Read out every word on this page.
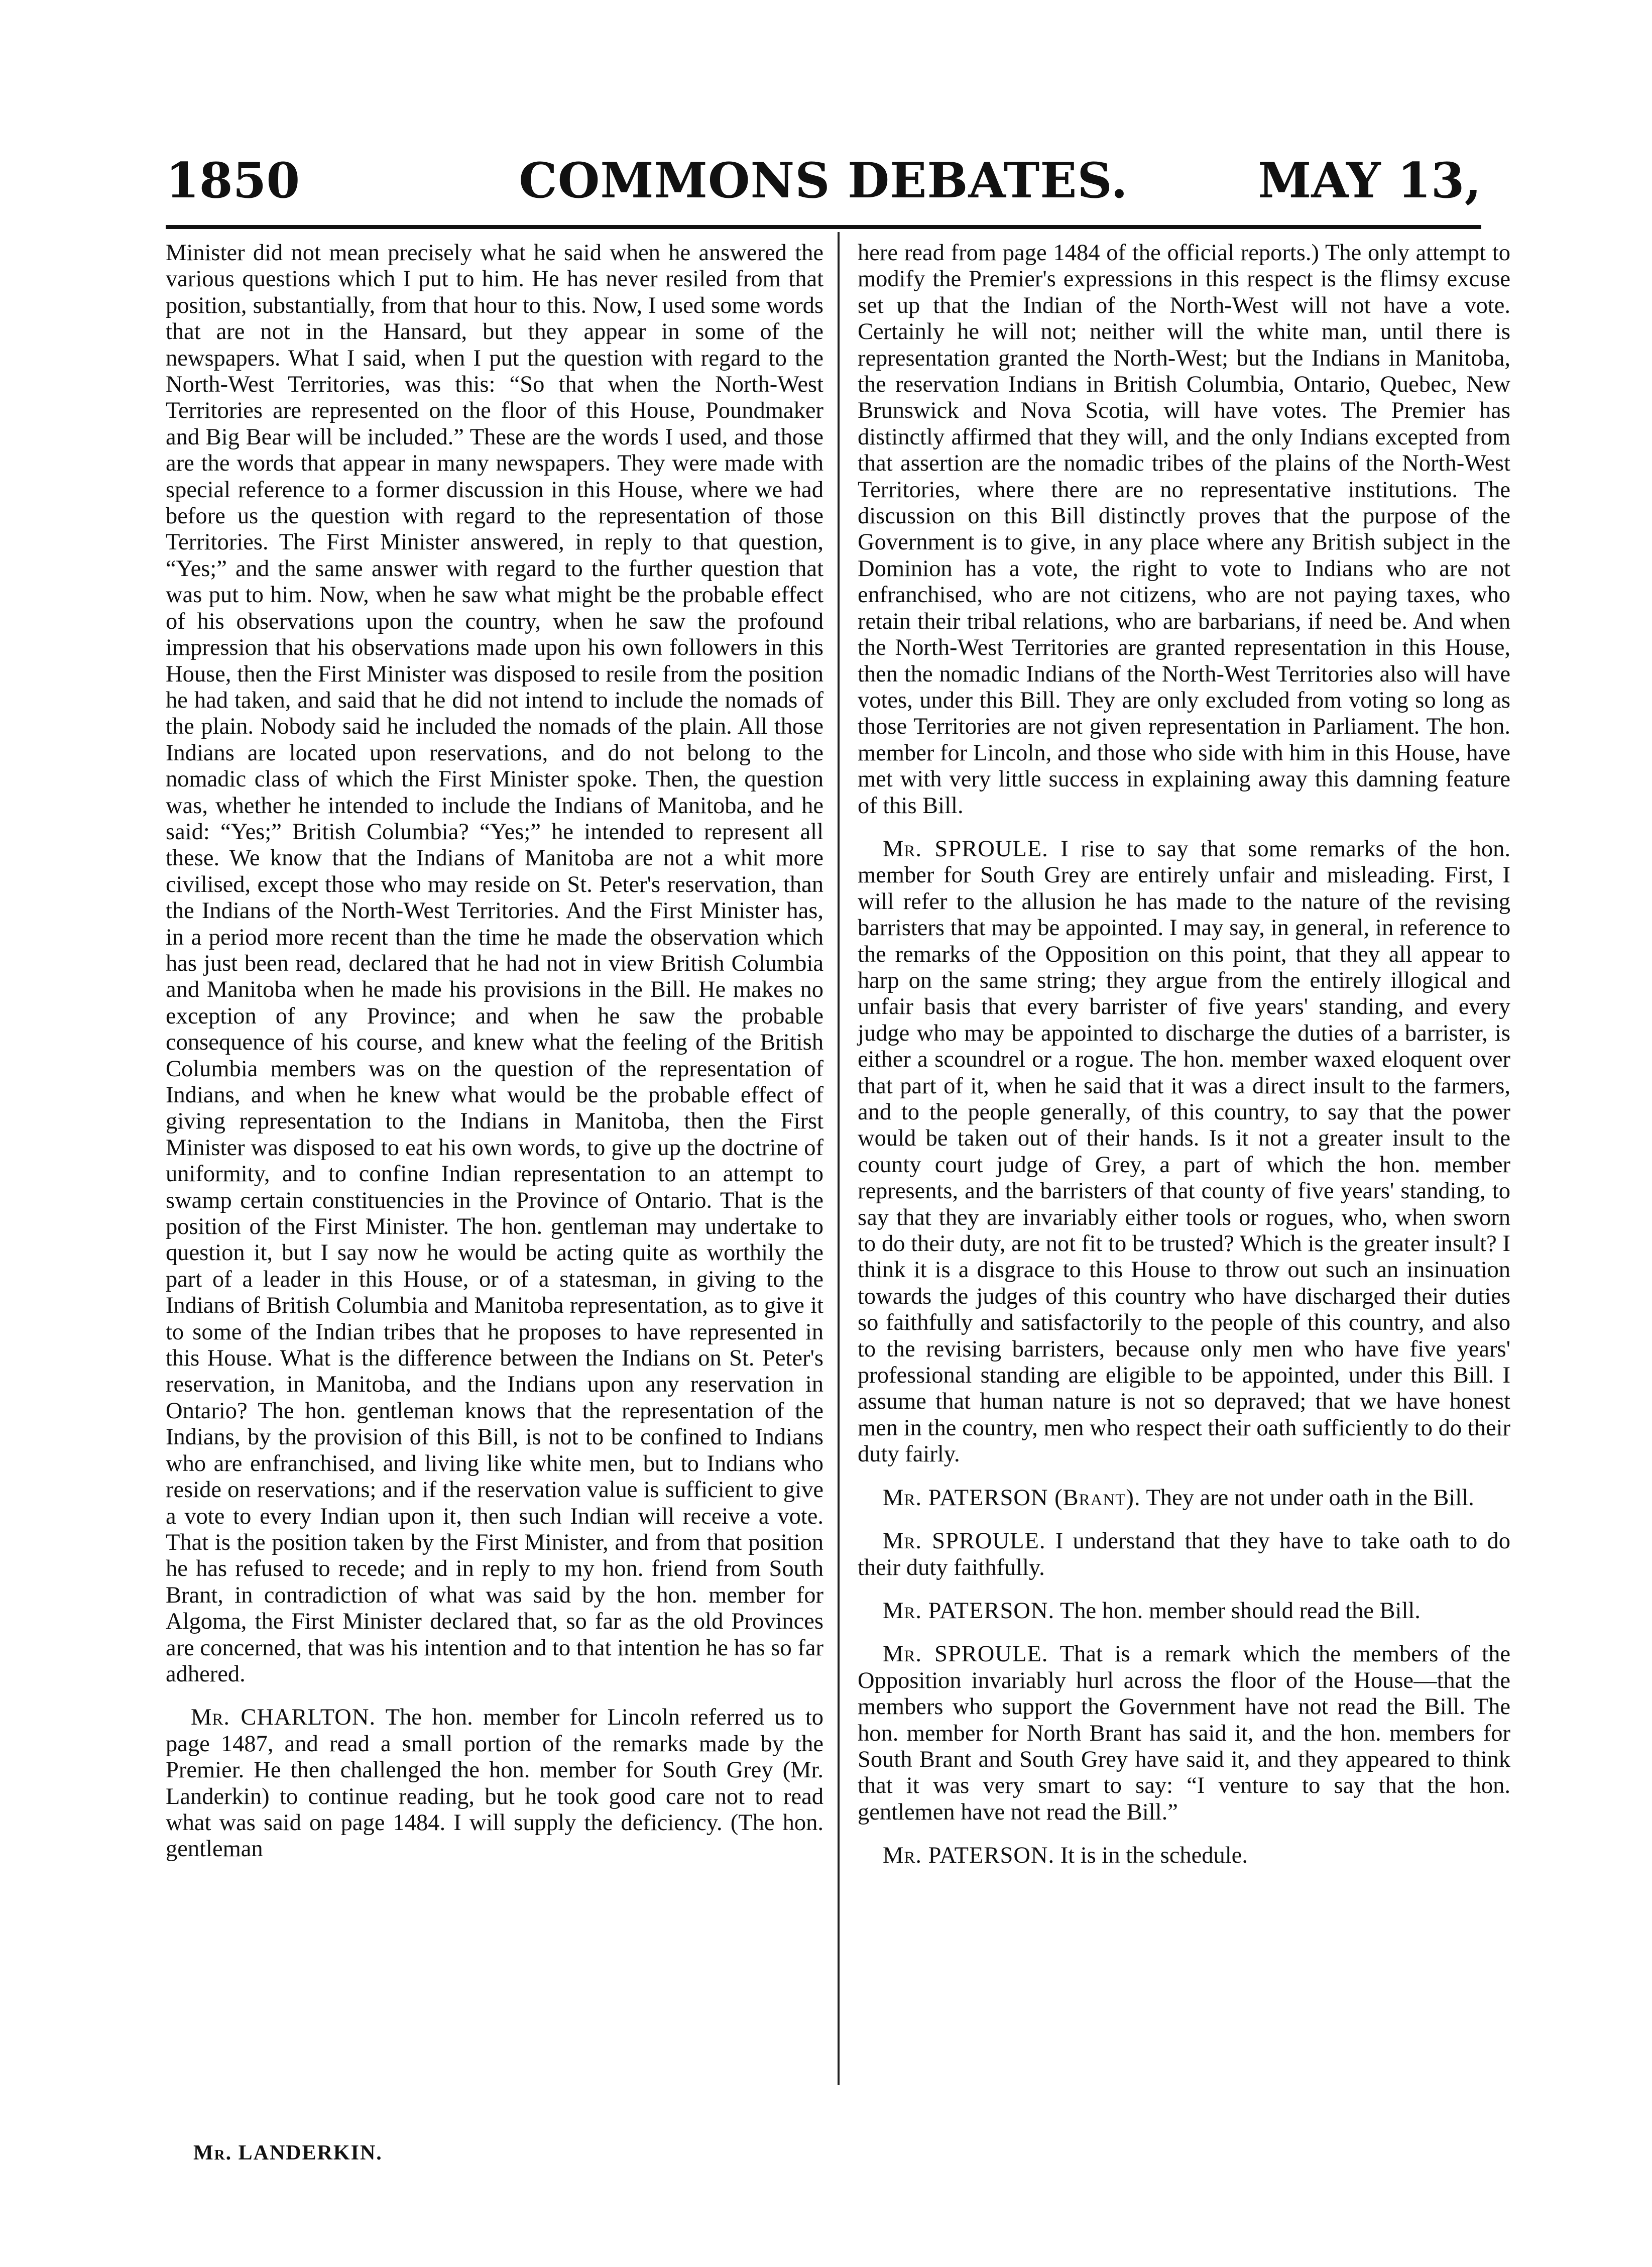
1850	COMMONS DEBATES.	MAY 13,

Minister did not mean precisely what he said when he answered the various questions which I put to him. He has never resiled from that position, substantially, from that hour to this. Now, I used some words that are not in the Hansard, but they appear in some of the newspapers. What I said, when I put the question with regard to the North-West Territories, was this: “So that when the North-West Territories are represented on the floor of this House, Poundmaker and Big Bear will be included.” These are the words I used, and those are the words that appear in many newspapers. They were made with special reference to a former discussion in this House, where we had before us the question with regard to the representation of those Territories. The First Minister answered, in reply to that question, “Yes;” and the same answer with regard to the further question that was put to him. Now, when he saw what might be the probable effect of his observations upon the country, when he saw the profound impression that his observations made upon his own followers in this House, then the First Minister was disposed to resile from the position he had taken, and said that he did not intend to include the nomads of the plain. Nobody said he included the nomads of the plain. All those Indians are located upon reservations, and do not belong to the nomadic class of which the First Minister spoke. Then, the question was, whether he intended to include the Indians of Manitoba, and he said: “Yes;” British Columbia? “Yes;” he intended to represent all these. We know that the Indians of Manitoba are not a whit more civilised, except those who may reside on St. Peter's reservation, than the Indians of the North-West Territories. And the First Minister has, in a period more recent than the time he made the observation which has just been read, declared that he had not in view British Columbia and Manitoba when he made his provisions in the Bill. He makes no exception of any Province; and when he saw the probable consequence of his course, and knew what the feeling of the British Columbia members was on the question of the representation of Indians, and when he knew what would be the probable effect of giving representation to the Indians in Manitoba, then the First Minister was disposed to eat his own words, to give up the doctrine of uniformity, and to confine Indian representation to an attempt to swamp certain constituencies in the Province of Ontario. That is the position of the First Minister. The hon. gentleman may undertake to question it, but I say now he would be acting quite as worthily the part of a leader in this House, or of a statesman, in giving to the Indians of British Columbia and Manitoba representation, as to give it to some of the Indian tribes that he proposes to have represented in this House. What is the difference between the Indians on St. Peter's reservation, in Manitoba, and the Indians upon any reservation in Ontario? The hon. gentleman knows that the representation of the Indians, by the provision of this Bill, is not to be confined to Indians who are enfranchised, and living like white men, but to Indians who reside on reservations; and if the reservation value is sufficient to give a vote to every Indian upon it, then such Indian will receive a vote. That is the position taken by the First Minister, and from that position he has refused to recede; and in reply to my hon. friend from South Brant, in contradiction of what was said by the hon. member for Algoma, the First Minister declared that, so far as the old Provinces are concerned, that was his intention and to that intention he has so far adhered.

Mr. CHARLTON. The hon. member for Lincoln referred us to page 1487, and read a small portion of the remarks made by the Premier. He then challenged the hon. member for South Grey (Mr. Landerkin) to continue reading, but he took good care not to read what was said on page 1484. I will supply the deficiency. (The hon. gentleman

here read from page 1484 of the official reports.) The only attempt to modify the Premier's expressions in this respect is the flimsy excuse set up that the Indian of the North-West will not have a vote. Certainly he will not; neither will the white man, until there is representation granted the North-West; but the Indians in Manitoba, the reservation Indians in British Columbia, Ontario, Quebec, New Brunswick and Nova Scotia, will have votes. The Premier has distinctly affirmed that they will, and the only Indians excepted from that assertion are the nomadic tribes of the plains of the North-West Territories, where there are no representative institutions. The discussion on this Bill distinctly proves that the purpose of the Government is to give, in any place where any British subject in the Dominion has a vote, the right to vote to Indians who are not enfranchised, who are not citizens, who are not paying taxes, who retain their tribal relations, who are barbarians, if need be. And when the North-West Territories are granted representation in this House, then the nomadic Indians of the North-West Territories also will have votes, under this Bill. They are only excluded from voting so long as those Territories are not given representation in Parliament. The hon. member for Lincoln, and those who side with him in this House, have met with very little success in explaining away this damning feature of this Bill.

Mr. SPROULE. I rise to say that some remarks of the hon. member for South Grey are entirely unfair and misleading. First, I will refer to the allusion he has made to the nature of the revising barristers that may be appointed. I may say, in general, in reference to the remarks of the Opposition on this point, that they all appear to harp on the same string; they argue from the entirely illogical and unfair basis that every barrister of five years' standing, and every judge who may be appointed to discharge the duties of a barrister, is either a scoundrel or a rogue. The hon. member waxed eloquent over that part of it, when he said that it was a direct insult to the farmers, and to the people generally, of this country, to say that the power would be taken out of their hands. Is it not a greater insult to the county court judge of Grey, a part of which the hon. member represents, and the barristers of that county of five years' standing, to say that they are invariably either tools or rogues, who, when sworn to do their duty, are not fit to be trusted? Which is the greater insult? I think it is a disgrace to this House to throw out such an insinuation towards the judges of this country who have discharged their duties so faithfully and satisfactorily to the people of this country, and also to the revising barristers, because only men who have five years' professional standing are eligible to be appointed, under this Bill. I assume that human nature is not so depraved; that we have honest men in the country, men who respect their oath sufficiently to do their duty fairly.

Mr. PATERSON (Brant). They are not under oath in the Bill.

Mr. SPROULE. I understand that they have to take oath to do their duty faithfully.

Mr. PATERSON. The hon. member should read the Bill.

Mr. SPROULE. That is a remark which the members of the Opposition invariably hurl across the floor of the House—that the members who support the Government have not read the Bill. The hon. member for North Brant has said it, and the hon. members for South Brant and South Grey have said it, and they appeared to think that it was very smart to say: “I venture to say that the hon. gentlemen have not read the Bill.”

Mr. PATERSON. It is in the schedule.

Mr. LANDERKIN.
